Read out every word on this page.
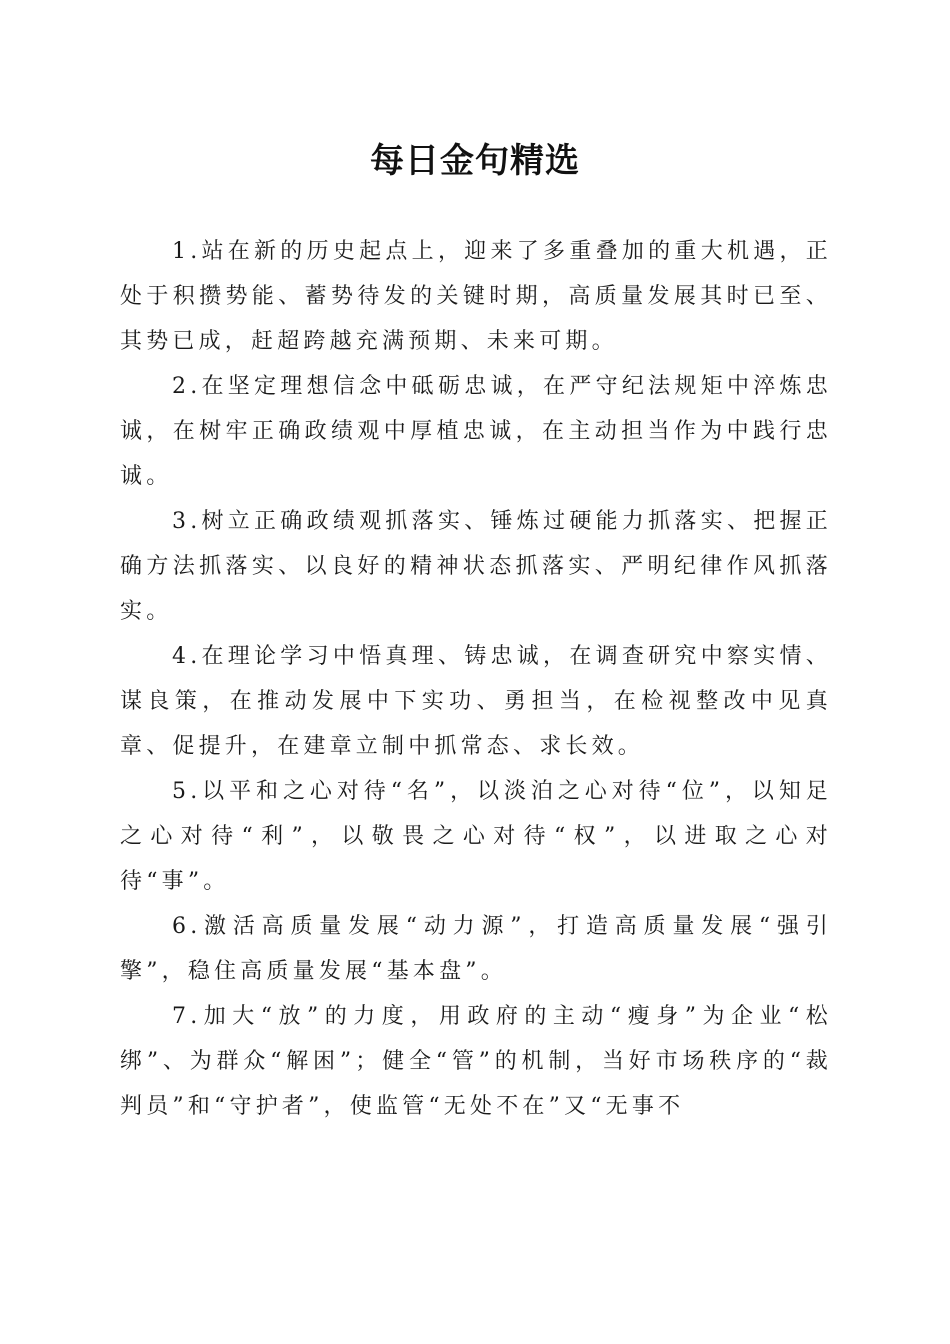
每日金句精选

1.站在新的历史起点上，迎来了多重叠加的重大机遇，正处于积攒势能、蓄势待发的关键时期，高质量发展其时已至、其势已成，赶超跨越充满预期、未来可期。

2.在坚定理想信念中砥砺忠诚，在严守纪法规矩中淬炼忠诚，在树牢正确政绩观中厚植忠诚，在主动担当作为中践行忠诚。

3.树立正确政绩观抓落实、锤炼过硬能力抓落实、把握正确方法抓落实、以良好的精神状态抓落实、严明纪律作风抓落实。

4.在理论学习中悟真理、铸忠诚，在调查研究中察实情、谋良策，在推动发展中下实功、勇担当，在检视整改中见真章、促提升，在建章立制中抓常态、求长效。

5.以平和之心对待“名”，以淡泊之心对待“位”，以知足之心对待“利”，以敬畏之心对待“权”，以进取之心对待“事”。

6.激活高质量发展“动力源”，打造高质量发展“强引擎”，稳住高质量发展“基本盘”。

7.加大“放”的力度，用政府的主动“瘦身”为企业“松绑”、为群众“解困”；健全“管”的机制，当好市场秩序的“裁判员”和“守护者”，使监管“无处不在”又“无事不
